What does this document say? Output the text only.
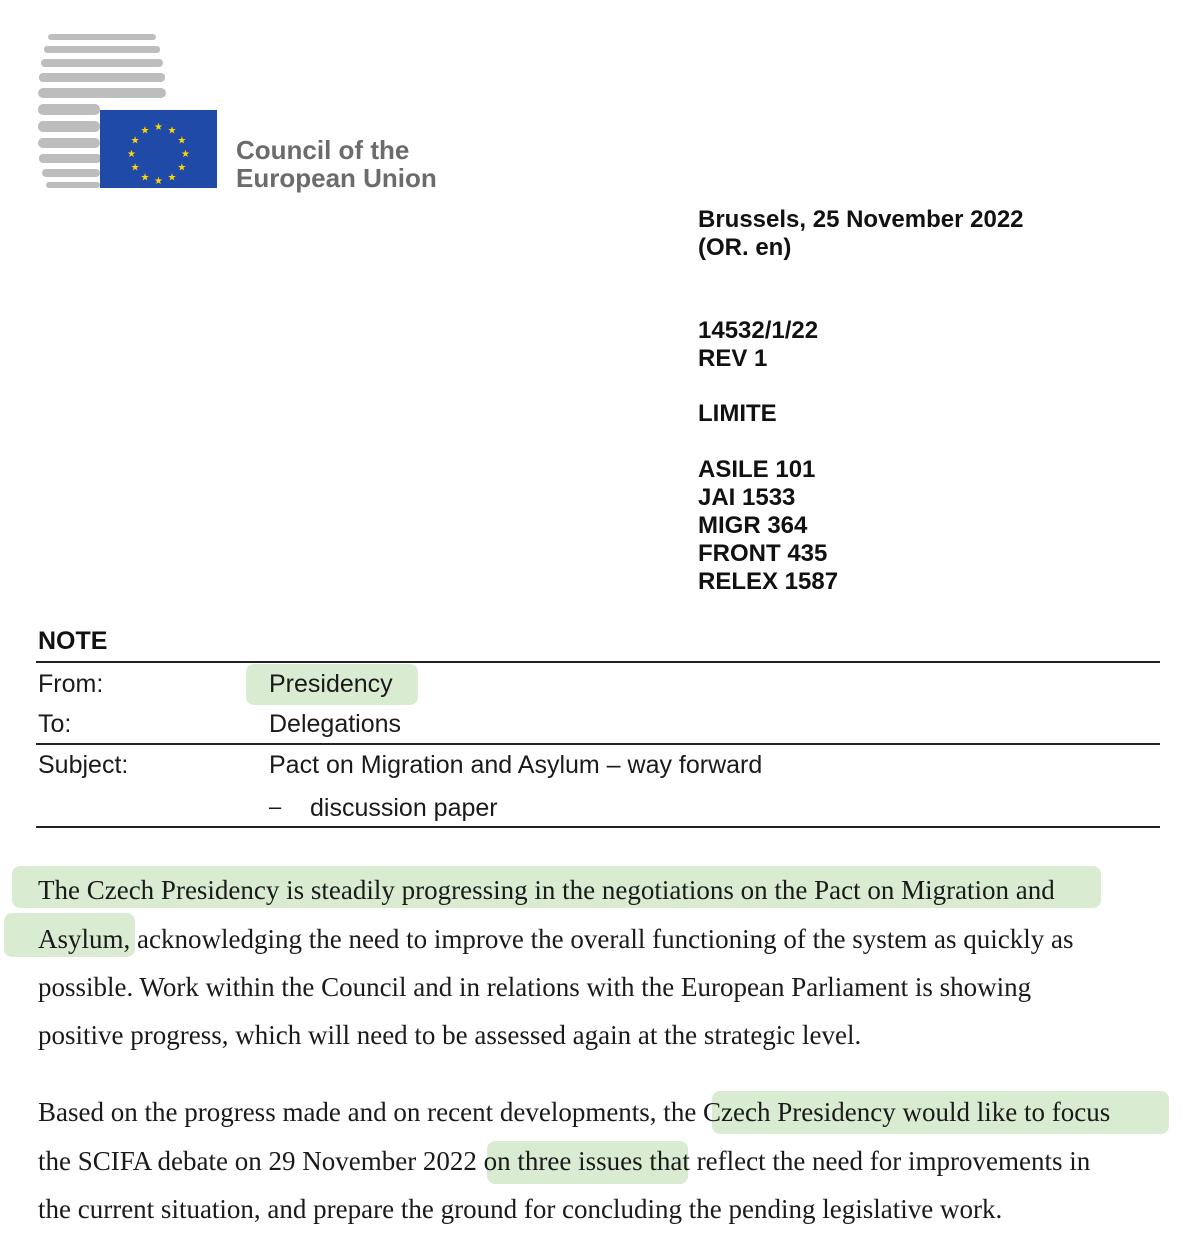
★ ★
★
★
★
★
★
★
★
★
★
★
Council of the
European Union
Brussels, 25 November 2022
(OR. en)
14532/1/22
REV 1
LIMITE
ASILE 101
JAI 1533
MIGR 364
FRONT 435
RELEX 1587
NOTE
From:	Presidency
To:	Delegations
Subject:	Pact on Migration and Asylum – way forward
– discussion paper
The Czech Presidency is steadily progressing in the negotiations on the Pact on Migration and
Asylum, acknowledging the need to improve the overall functioning of the system as quickly as
possible. Work within the Council and in relations with the European Parliament is showing
positive progress, which will need to be assessed again at the strategic level.
Based on the progress made and on recent developments, the Czech Presidency would like to focus
the SCIFA debate on 29 November 2022 on three issues that reflect the need for improvements in
the current situation, and prepare the ground for concluding the pending legislative work.
